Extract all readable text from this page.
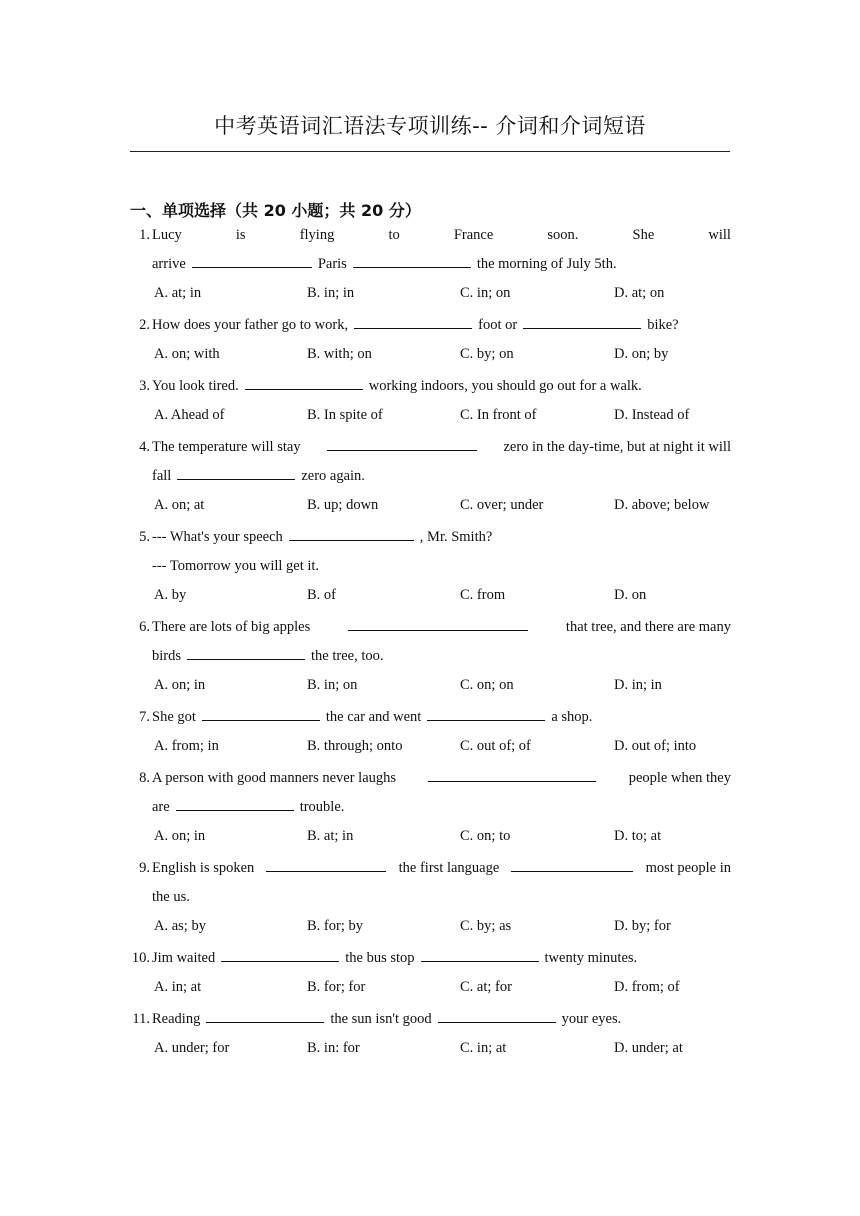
中考英语词汇语法专项训练-- 介词和介词短语
一、单项选择（共 20 小题；共 20 分）
1. Lucy	is	flying	to	France	soon.	She	will
arrive	Paris	the morning of July 5th.
A. at; in	B. in; in	C. in; on	D. at; on
2. How does your father go to work,	foot or	bike?
A. on; with	B. with; on	C. by; on	D. on; by
3. You look tired.	working indoors, you should go out for a walk.
A. Ahead of	B. In spite of	C. In front of	D. Instead of
4. The temperature will stay	zero in the day-time, but at night it will
fall	zero again.
A. on; at	B. up; down	C. over; under	D. above; below
5. --- What's your speech	, Mr. Smith?
--- Tomorrow you will get it.
A. by	B. of	C. from	D. on
6. There are lots of big apples	that tree, and there are many
birds	the tree, too.
A. on; in	B. in; on	C. on; on	D. in; in
7. She got	the car and went	a shop.
A. from; in	B. through; onto	C. out of; of	D. out of; into
8. A person with good manners never laughs	people when they
are	trouble.
A. on; in	B. at; in	C. on; to	D. to; at
9. English is spoken	the first language	most people in
the us.
A. as; by	B. for; by	C. by; as	D. by; for
10. Jim waited	the bus stop	twenty minutes.
A. in; at	B. for; for	C. at; for	D. from; of
11. Reading	the sun isn't good	your eyes.
A. under; for	B. in: for	C. in; at	D. under; at
